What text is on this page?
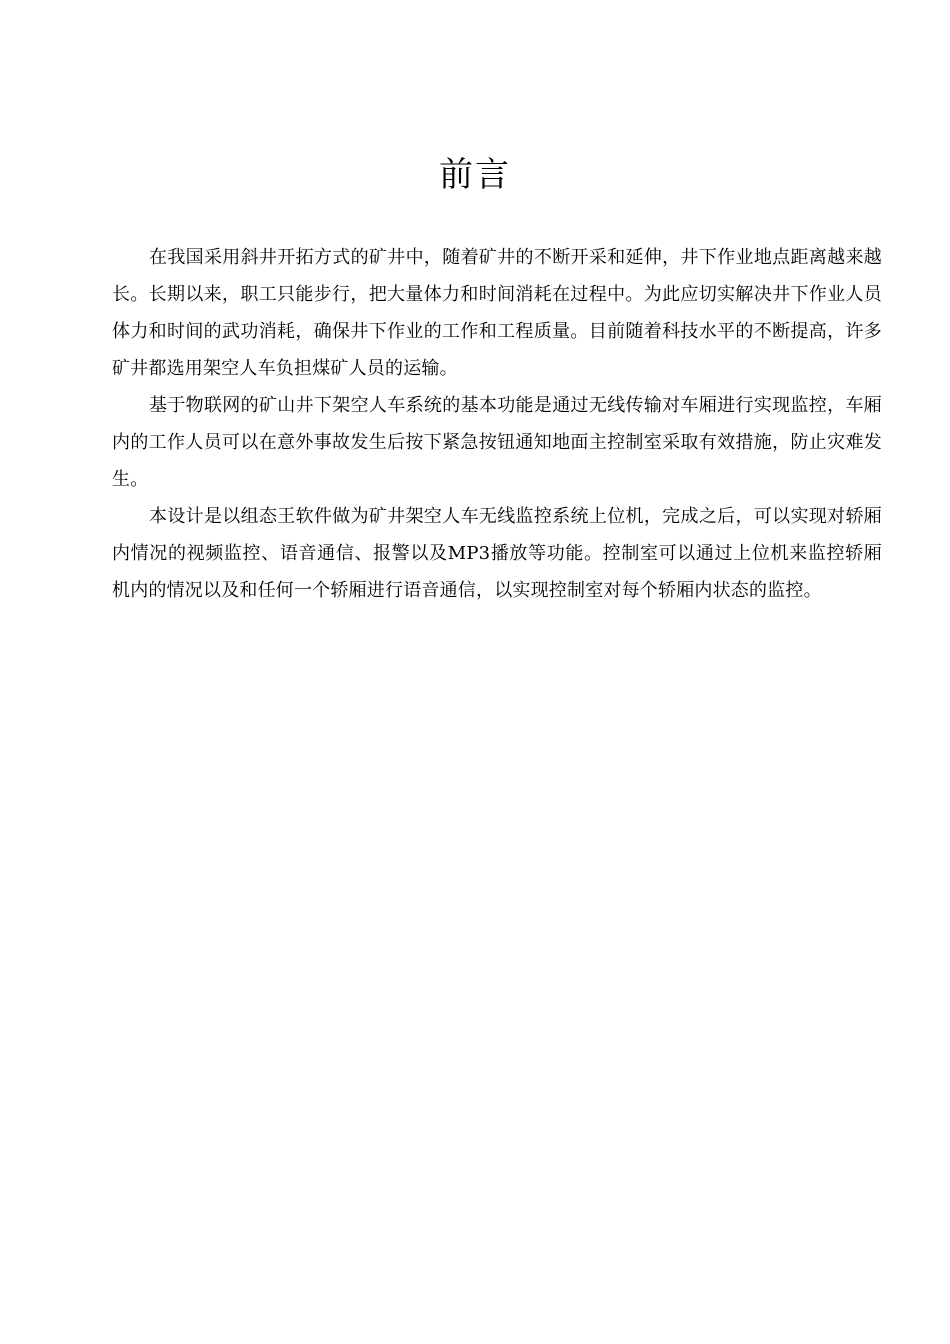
前言

在我国采用斜井开拓方式的矿井中，随着矿井的不断开采和延伸，井下作业地点距离越来越长。长期以来，职工只能步行，把大量体力和时间消耗在过程中。为此应切实解决井下作业人员体力和时间的武功消耗，确保井下作业的工作和工程质量。目前随着科技水平的不断提高，许多矿井都选用架空人车负担煤矿人员的运输。

基于物联网的矿山井下架空人车系统的基本功能是通过无线传输对车厢进行实现监控，车厢内的工作人员可以在意外事故发生后按下紧急按钮通知地面主控制室采取有效措施，防止灾难发生。

本设计是以组态王软件做为矿井架空人车无线监控系统上位机，完成之后，可以实现对轿厢内情况的视频监控、语音通信、报警以及MP3播放等功能。控制室可以通过上位机来监控轿厢机内的情况以及和任何一个轿厢进行语音通信，以实现控制室对每个轿厢内状态的监控。
